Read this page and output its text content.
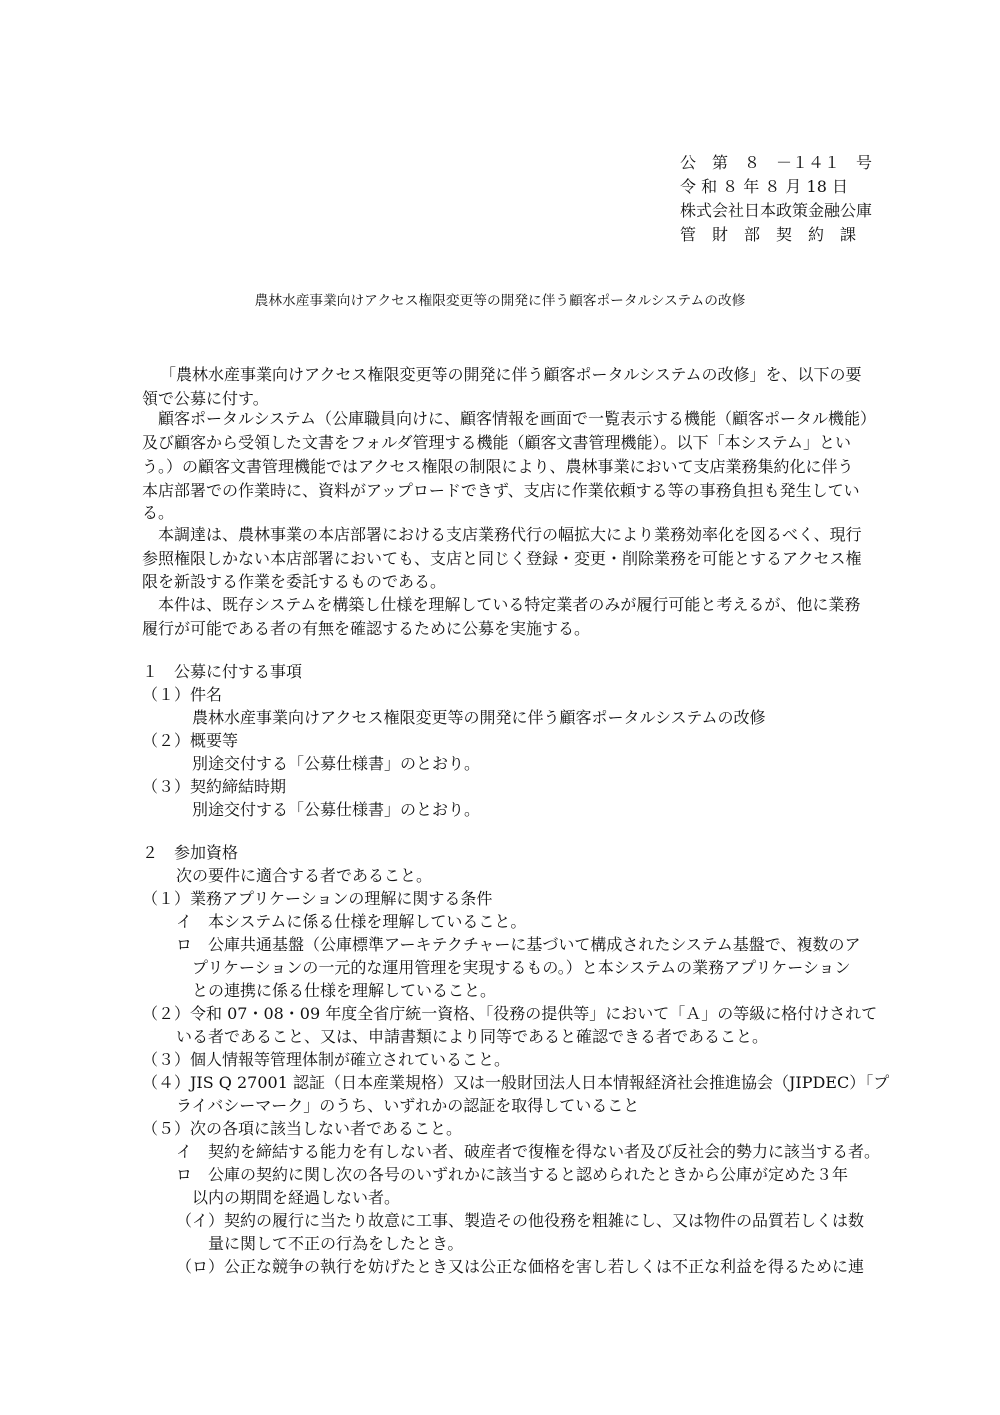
公　第　８　－１４１　号
令 和 ８ 年 ８ 月 18 日
株式会社日本政策金融公庫
管　財　部　契　約　課
農林水産事業向けアクセス権限変更等の開発に伴う顧客ポータルシステムの改修
「農林水産事業向けアクセス権限変更等の開発に伴う顧客ポータルシステムの改修」を、以下の要
領で公募に付す。
顧客ポータルシステム（公庫職員向けに、顧客情報を画面で一覧表示する機能（顧客ポータル機能）
及び顧客から受領した文書をフォルダ管理する機能（顧客文書管理機能）。以下「本システム」とい
う。）の顧客文書管理機能ではアクセス権限の制限により、農林事業において支店業務集約化に伴う
本店部署での作業時に、資料がアップロードできず、支店に作業依頼する等の事務負担も発生してい
る。
本調達は、農林事業の本店部署における支店業務代行の幅拡大により業務効率化を図るべく、現行
参照権限しかない本店部署においても、支店と同じく登録・変更・削除業務を可能とするアクセス権
限を新設する作業を委託するものである。
本件は、既存システムを構築し仕様を理解している特定業者のみが履行可能と考えるが、他に業務
履行が可能である者の有無を確認するために公募を実施する。
１　公募に付する事項
（１）件名
農林水産事業向けアクセス権限変更等の開発に伴う顧客ポータルシステムの改修
（２）概要等
別途交付する「公募仕様書」のとおり。
（３）契約締結時期
別途交付する「公募仕様書」のとおり。
２　参加資格
次の要件に適合する者であること。
（１）業務アプリケーションの理解に関する条件
イ　本システムに係る仕様を理解していること。
ロ　公庫共通基盤（公庫標準アーキテクチャーに基づいて構成されたシステム基盤で、複数のア
プリケーションの一元的な運用管理を実現するもの。）と本システムの業務アプリケーション
との連携に係る仕様を理解していること。
（２）令和 07・08・09 年度全省庁統一資格、「役務の提供等」において「Ａ」の等級に格付けされて
いる者であること、又は、申請書類により同等であると確認できる者であること。
（３）個人情報等管理体制が確立されていること。
（４）JIS Q 27001 認証（日本産業規格）又は一般財団法人日本情報経済社会推進協会（JIPDEC）「プ
ライバシーマーク」のうち、いずれかの認証を取得していること
（５）次の各項に該当しない者であること。
イ　契約を締結する能力を有しない者、破産者で復権を得ない者及び反社会的勢力に該当する者。
ロ　公庫の契約に関し次の各号のいずれかに該当すると認められたときから公庫が定めた３年
以内の期間を経過しない者。
（イ）契約の履行に当たり故意に工事、製造その他役務を粗雑にし、又は物件の品質若しくは数
量に関して不正の行為をしたとき。
（ロ）公正な競争の執行を妨げたとき又は公正な価格を害し若しくは不正な利益を得るために連
